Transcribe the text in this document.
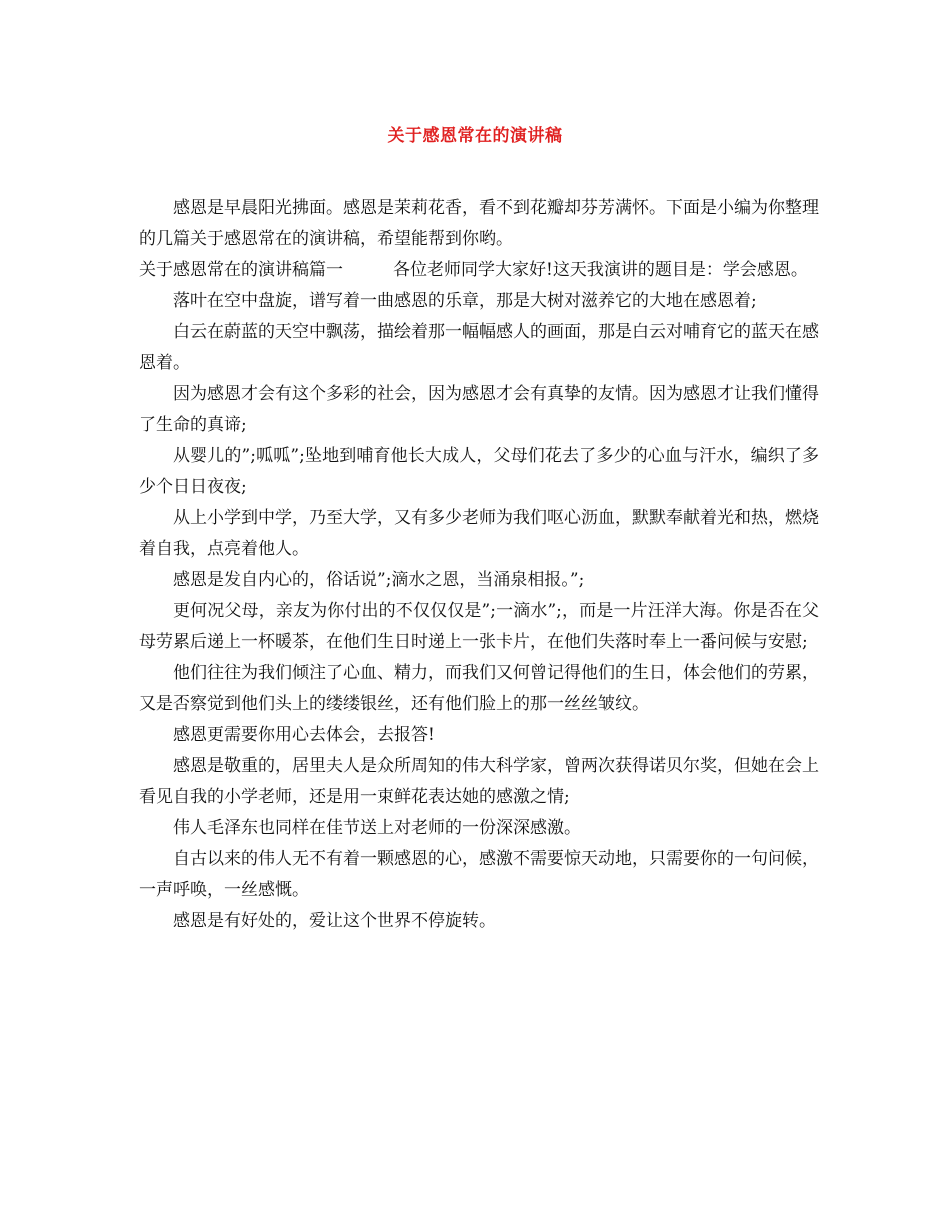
关于感恩常在的演讲稿

感恩是早晨阳光拂面。感恩是茉莉花香，看不到花瓣却芬芳满怀。下面是小编为你整理的几篇关于感恩常在的演讲稿，希望能帮到你哟。

关于感恩常在的演讲稿篇一	各位老师同学大家好!这天我演讲的题目是：学会感恩。

落叶在空中盘旋，谱写着一曲感恩的乐章，那是大树对滋养它的大地在感恩着;

白云在蔚蓝的天空中飘荡，描绘着那一幅幅感人的画面，那是白云对哺育它的蓝天在感恩着。

因为感恩才会有这个多彩的社会，因为感恩才会有真挚的友情。因为感恩才让我们懂得了生命的真谛;

从婴儿的”;呱呱”;坠地到哺育他长大成人，父母们花去了多少的心血与汗水，编织了多少个日日夜夜;

从上小学到中学，乃至大学，又有多少老师为我们呕心沥血，默默奉献着光和热，燃烧着自我，点亮着他人。

感恩是发自内心的，俗话说”;滴水之恩，当涌泉相报。”;

更何况父母，亲友为你付出的不仅仅仅是”;一滴水”;，而是一片汪洋大海。你是否在父母劳累后递上一杯暖茶，在他们生日时递上一张卡片，在他们失落时奉上一番问候与安慰;

他们往往为我们倾注了心血、精力，而我们又何曾记得他们的生日，体会他们的劳累，又是否察觉到他们头上的缕缕银丝，还有他们脸上的那一丝丝皱纹。

感恩更需要你用心去体会，去报答!

感恩是敬重的，居里夫人是众所周知的伟大科学家，曾两次获得诺贝尔奖，但她在会上看见自我的小学老师，还是用一束鲜花表达她的感激之情;

伟人毛泽东也同样在佳节送上对老师的一份深深感激。

自古以来的伟人无不有着一颗感恩的心，感激不需要惊天动地，只需要你的一句问候，一声呼唤，一丝感慨。

感恩是有好处的，爱让这个世界不停旋转。
